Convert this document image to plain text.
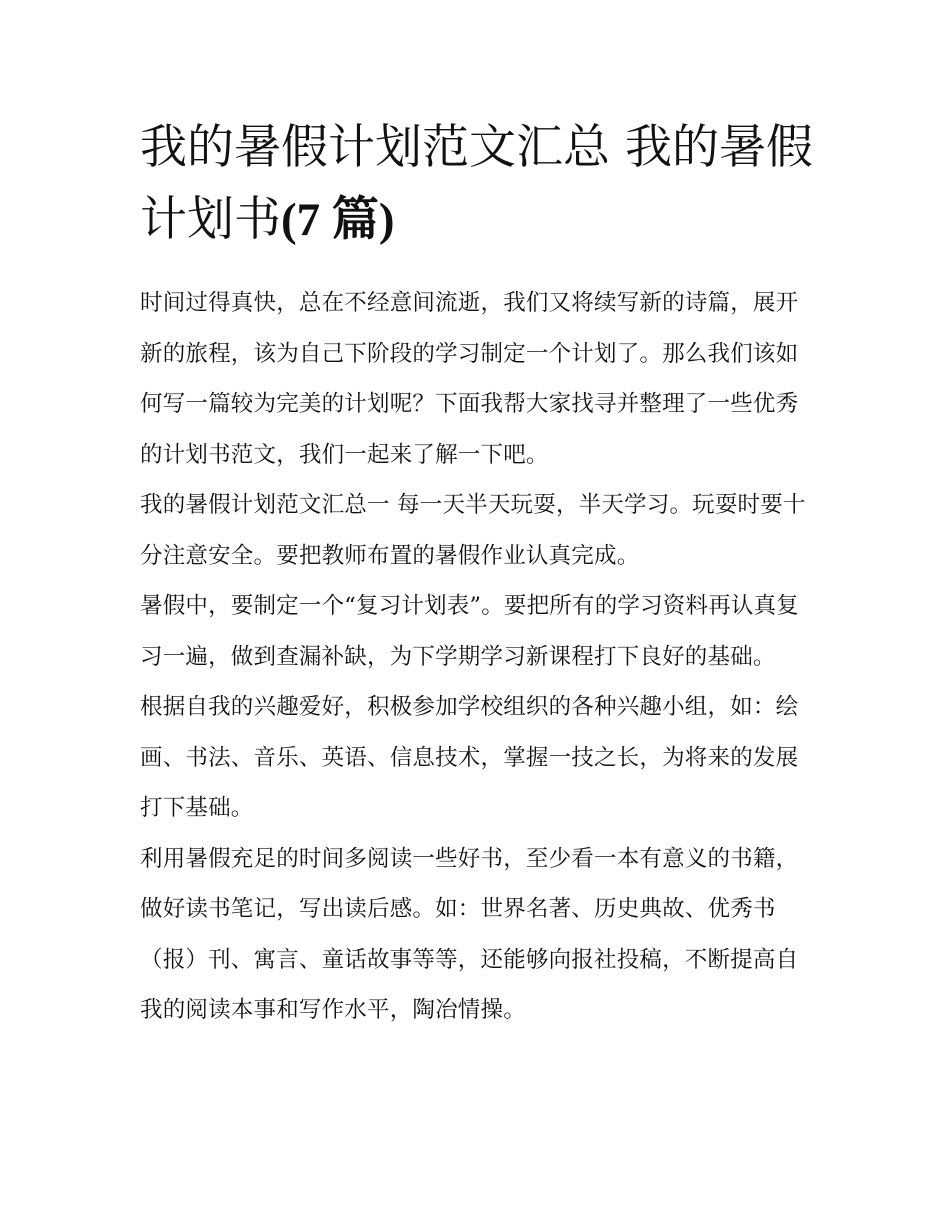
我的暑假计划范文汇总 我的暑假计划书(7 篇)

时间过得真快，总在不经意间流逝，我们又将续写新的诗篇，展开新的旅程，该为自己下阶段的学习制定一个计划了。那么我们该如何写一篇较为完美的计划呢？下面我帮大家找寻并整理了一些优秀的计划书范文，我们一起来了解一下吧。

我的暑假计划范文汇总一 每一天半天玩耍，半天学习。玩耍时要十分注意安全。要把教师布置的暑假作业认真完成。

暑假中，要制定一个“复习计划表”。要把所有的学习资料再认真复习一遍，做到查漏补缺，为下学期学习新课程打下良好的基础。

根据自我的兴趣爱好，积极参加学校组织的各种兴趣小组，如：绘画、书法、音乐、英语、信息技术，掌握一技之长，为将来的发展打下基础。

利用暑假充足的时间多阅读一些好书，至少看一本有意义的书籍，做好读书笔记，写出读后感。如：世界名著、历史典故、优秀书（报）刊、寓言、童话故事等等，还能够向报社投稿，不断提高自我的阅读本事和写作水平，陶冶情操。
